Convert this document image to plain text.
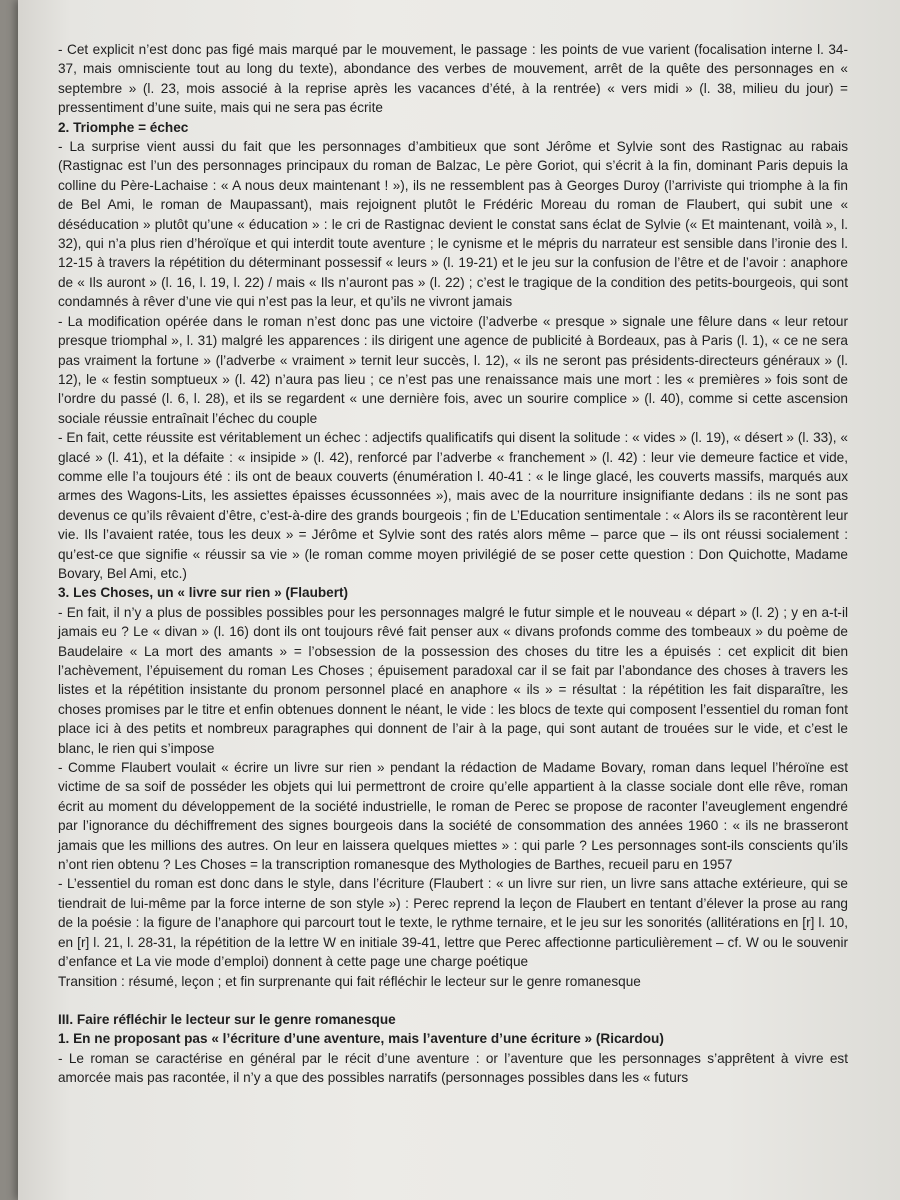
- Cet explicit n’est donc pas figé mais marqué par le mouvement, le passage : les points de vue varient (focalisation interne l. 34-37, mais omnisciente tout au long du texte), abondance des verbes de mouvement, arrêt de la quête des personnages en « septembre » (l. 23, mois associé à la reprise après les vacances d’été, à la rentrée) « vers midi » (l. 38, milieu du jour) = pressentiment d’une suite, mais qui ne sera pas écrite

2. Triomphe = échec

- La surprise vient aussi du fait que les personnages d’ambitieux que sont Jérôme et Sylvie sont des Rastignac au rabais (Rastignac est l’un des personnages principaux du roman de Balzac, Le père Goriot, qui s’écrit à la fin, dominant Paris depuis la colline du Père-Lachaise : « A nous deux maintenant ! »), ils ne ressemblent pas à Georges Duroy (l’arriviste qui triomphe à la fin de Bel Ami, le roman de Maupassant), mais rejoignent plutôt le Frédéric Moreau du roman de Flaubert, qui subit une « déséducation » plutôt qu’une « éducation » : le cri de Rastignac devient le constat sans éclat de Sylvie (« Et maintenant, voilà », l. 32), qui n’a plus rien d’héroïque et qui interdit toute aventure ; le cynisme et le mépris du narrateur est sensible dans l’ironie des l. 12-15 à travers la répétition du déterminant possessif « leurs » (l. 19-21) et le jeu sur la confusion de l’être et de l’avoir : anaphore de « Ils auront » (l. 16, l. 19, l. 22) / mais « Ils n’auront pas » (l. 22) ; c’est le tragique de la condition des petits-bourgeois, qui sont condamnés à rêver d’une vie qui n’est pas la leur, et qu’ils ne vivront jamais

- La modification opérée dans le roman n’est donc pas une victoire (l’adverbe « presque » signale une fêlure dans « leur retour presque triomphal », l. 31) malgré les apparences : ils dirigent une agence de publicité à Bordeaux, pas à Paris (l. 1), « ce ne sera pas vraiment la fortune » (l’adverbe « vraiment » ternit leur succès, l. 12), « ils ne seront pas présidents-directeurs généraux » (l. 12), le « festin somptueux » (l. 42) n’aura pas lieu ; ce n’est pas une renaissance mais une mort : les « premières » fois sont de l’ordre du passé (l. 6, l. 28), et ils se regardent « une dernière fois, avec un sourire complice » (l. 40), comme si cette ascension sociale réussie entraînait l’échec du couple

- En fait, cette réussite est véritablement un échec : adjectifs qualificatifs qui disent la solitude : « vides » (l. 19), « désert » (l. 33), « glacé » (l. 41), et la défaite : « insipide » (l. 42), renforcé par l’adverbe « franchement » (l. 42) : leur vie demeure factice et vide, comme elle l’a toujours été : ils ont de beaux couverts (énumération l. 40-41 : « le linge glacé, les couverts massifs, marqués aux armes des Wagons-Lits, les assiettes épaisses écussonnées »), mais avec de la nourriture insignifiante dedans : ils ne sont pas devenus ce qu’ils rêvaient d’être, c’est-à-dire des grands bourgeois ; fin de L’Education sentimentale : « Alors ils se racontèrent leur vie. Ils l’avaient ratée, tous les deux » = Jérôme et Sylvie sont des ratés alors même – parce que – ils ont réussi socialement : qu’est-ce que signifie « réussir sa vie » (le roman comme moyen privilégié de se poser cette question : Don Quichotte, Madame Bovary, Bel Ami, etc.)

3. Les Choses, un « livre sur rien » (Flaubert)

- En fait, il n’y a plus de possibles possibles pour les personnages malgré le futur simple et le nouveau « départ » (l. 2) ; y en a-t-il jamais eu ? Le « divan » (l. 16) dont ils ont toujours rêvé fait penser aux « divans profonds comme des tombeaux » du poème de Baudelaire « La mort des amants » = l’obsession de la possession des choses du titre les a épuisés : cet explicit dit bien l’achèvement, l’épuisement du roman Les Choses ; épuisement paradoxal car il se fait par l’abondance des choses à travers les listes et la répétition insistante du pronom personnel placé en anaphore « ils » = résultat : la répétition les fait disparaître, les choses promises par le titre et enfin obtenues donnent le néant, le vide : les blocs de texte qui composent l’essentiel du roman font place ici à des petits et nombreux paragraphes qui donnent de l’air à la page, qui sont autant de trouées sur le vide, et c’est le blanc, le rien qui s’impose

- Comme Flaubert voulait « écrire un livre sur rien » pendant la rédaction de Madame Bovary, roman dans lequel l’héroïne est victime de sa soif de posséder les objets qui lui permettront de croire qu’elle appartient à la classe sociale dont elle rêve, roman écrit au moment du développement de la société industrielle, le roman de Perec se propose de raconter l’aveuglement engendré par l’ignorance du déchiffrement des signes bourgeois dans la société de consommation des années 1960 : « ils ne brasseront jamais que les millions des autres. On leur en laissera quelques miettes » : qui parle ? Les personnages sont-ils conscients qu’ils n’ont rien obtenu ? Les Choses = la transcription romanesque des Mythologies de Barthes, recueil paru en 1957

- L’essentiel du roman est donc dans le style, dans l’écriture (Flaubert : « un livre sur rien, un livre sans attache extérieure, qui se tiendrait de lui-même par la force interne de son style ») : Perec reprend la leçon de Flaubert en tentant d’élever la prose au rang de la poésie : la figure de l’anaphore qui parcourt tout le texte, le rythme ternaire, et le jeu sur les sonorités (allitérations en [r] l. 10, en [r] l. 21, l. 28-31, la répétition de la lettre W en initiale 39-41, lettre que Perec affectionne particulièrement – cf. W ou le souvenir d’enfance et La vie mode d’emploi) donnent à cette page une charge poétique

Transition : résumé, leçon ; et fin surprenante qui fait réfléchir le lecteur sur le genre romanesque

III. Faire réfléchir le lecteur sur le genre romanesque
1. En ne proposant pas « l’écriture d’une aventure, mais l’aventure d’une écriture » (Ricardou)

- Le roman se caractérise en général par le récit d’une aventure : or l’aventure que les personnages s’apprêtent à vivre est amorcée mais pas racontée, il n’y a que des possibles narratifs (personnages possibles dans les « futurs
